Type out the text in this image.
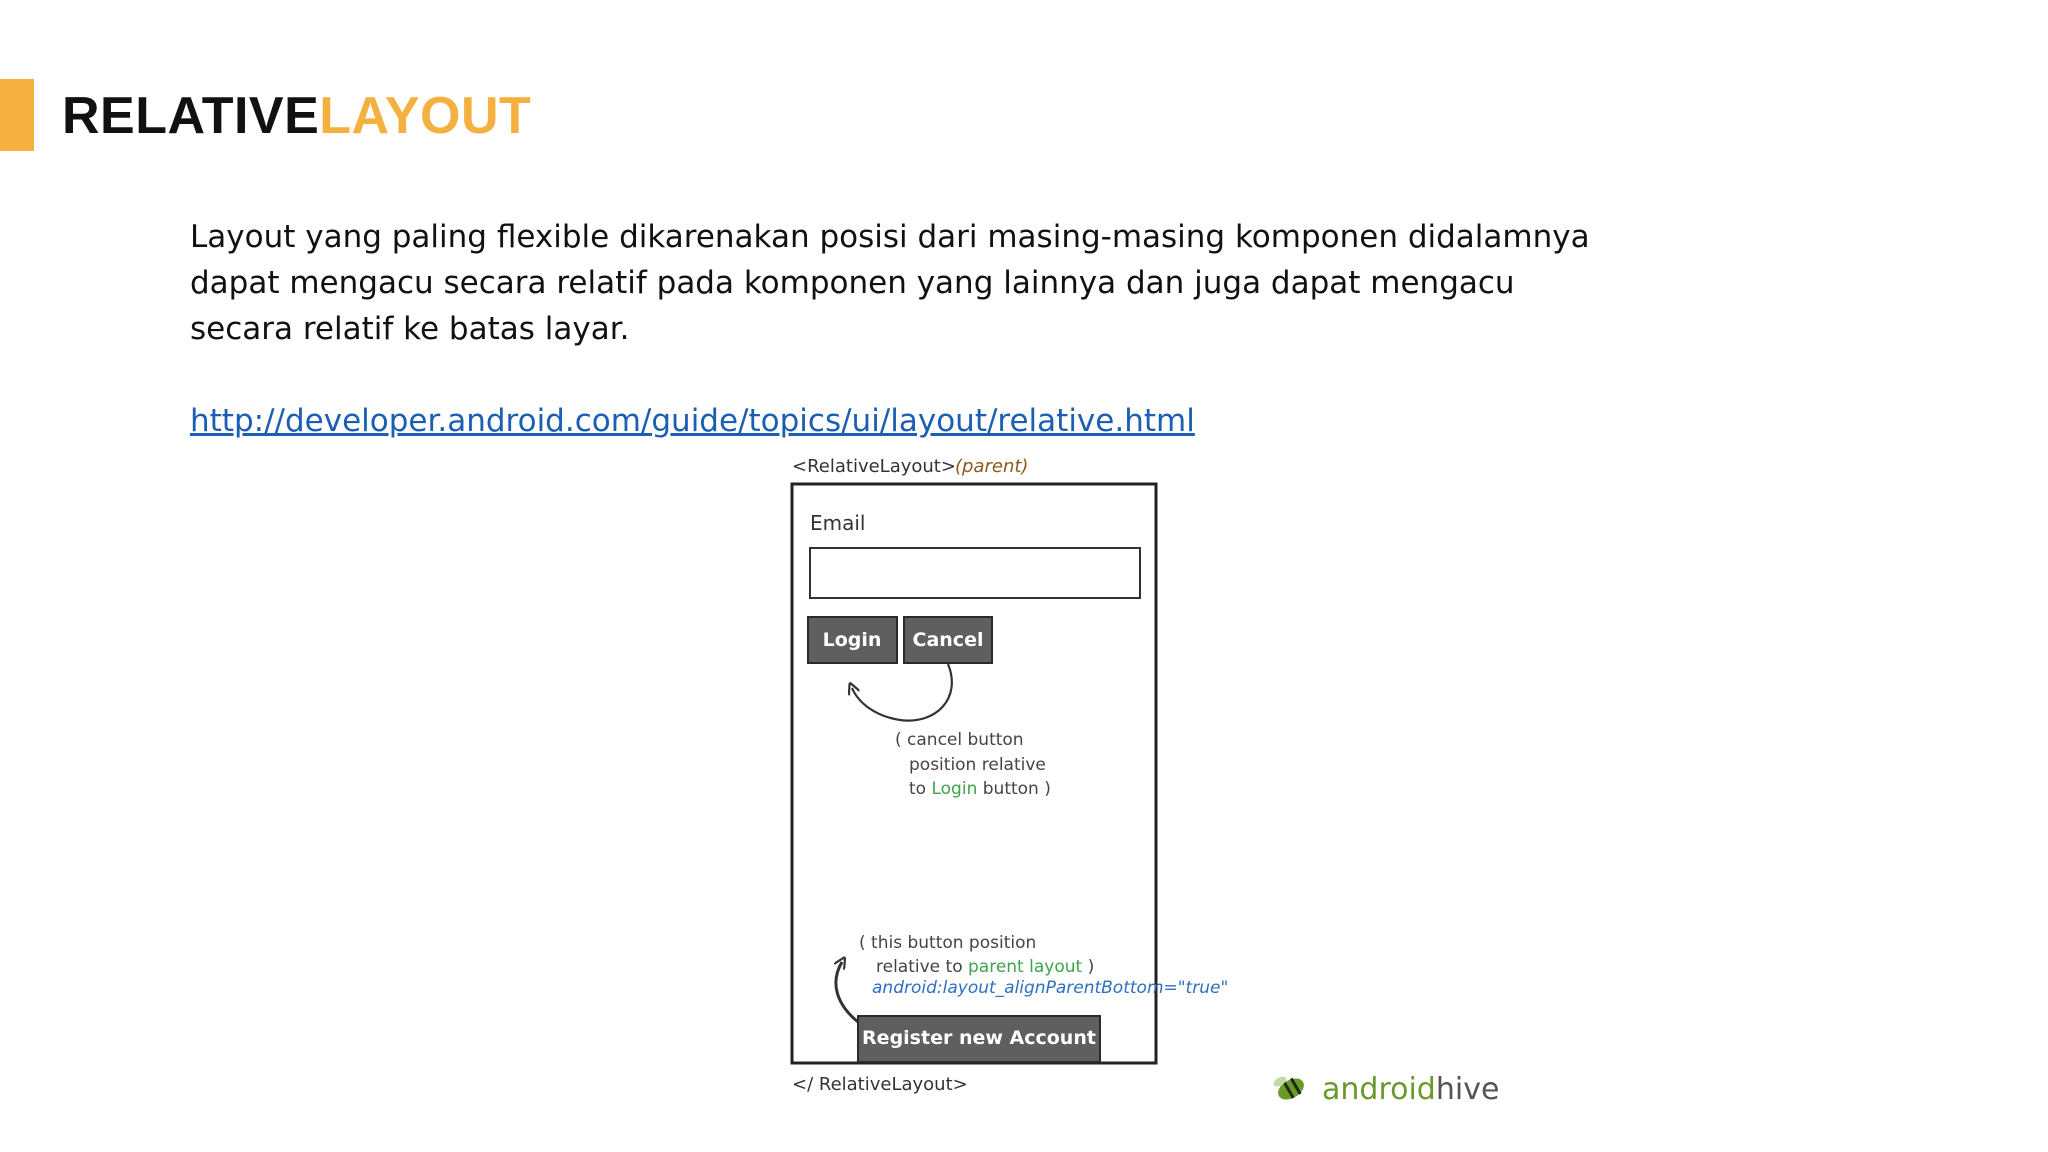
RELATIVELAYOUT

Layout yang paling flexible dikarenakan posisi dari masing-masing komponen didalamnya dapat mengacu secara relatif pada komponen yang lainnya dan juga dapat mengacu secara relatif ke batas layar.

http://developer.android.com/guide/topics/ui/layout/relative.html
<RelativeLayout> (parent)
Email
Login Cancel
( cancel button
position relative
to Login button )
( this button position
relative to parent layout )
android:layout_alignParentBottom="true"
Register new Account
</ RelativeLayout>	androidhive
